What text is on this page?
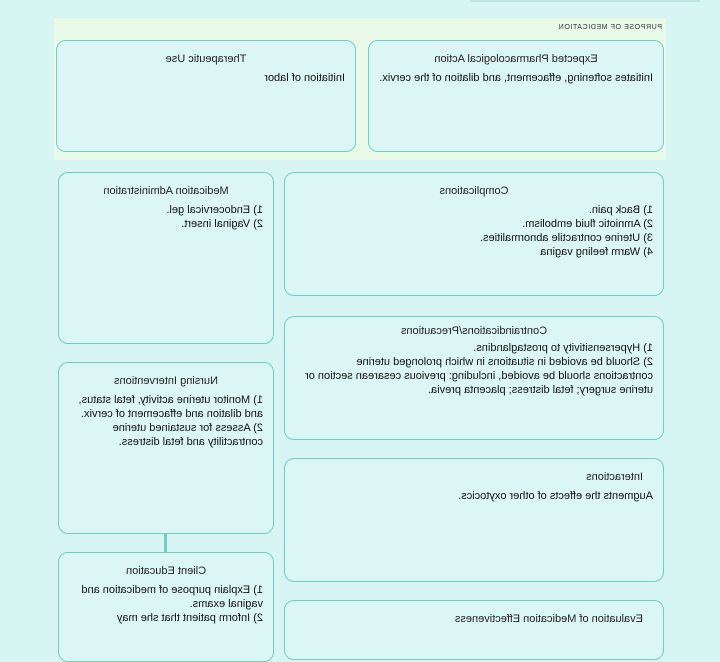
PURPOSE OF MEDICATION
Expected Pharmacological Action
Initiates softening, effacement, and dilation of the cervix.
Therapeutic Use
Initiation of labor
Complications
1) Back pain.
2) Amniotic fluid embolism.
3) Uterine contractile abnormalities.
4) Warm feeling vagina
Contraindications/Precautions
1) Hypersensitivity to prostaglandins.
2) Should be avoided in situations in which prolonged uterine contractions should be avoided, including: previous cesarean section or uterine surgery; fetal distress; placenta previa.
Interactions
Augments the effects of other oxytocics.
Evaluation of Medication Effectiveness
Medication Administration
1) Endocervical gel.
2) Vaginal insert.
Nursing Interventions
1) Monitor uterine activity, fetal status, and dilation and effacement of cervix.
2) Assess for sustained uterine contractility and fetal distress.
Client Education
1) Explain purpose of medication and vaginal exams.
2) Inform patient that she may
